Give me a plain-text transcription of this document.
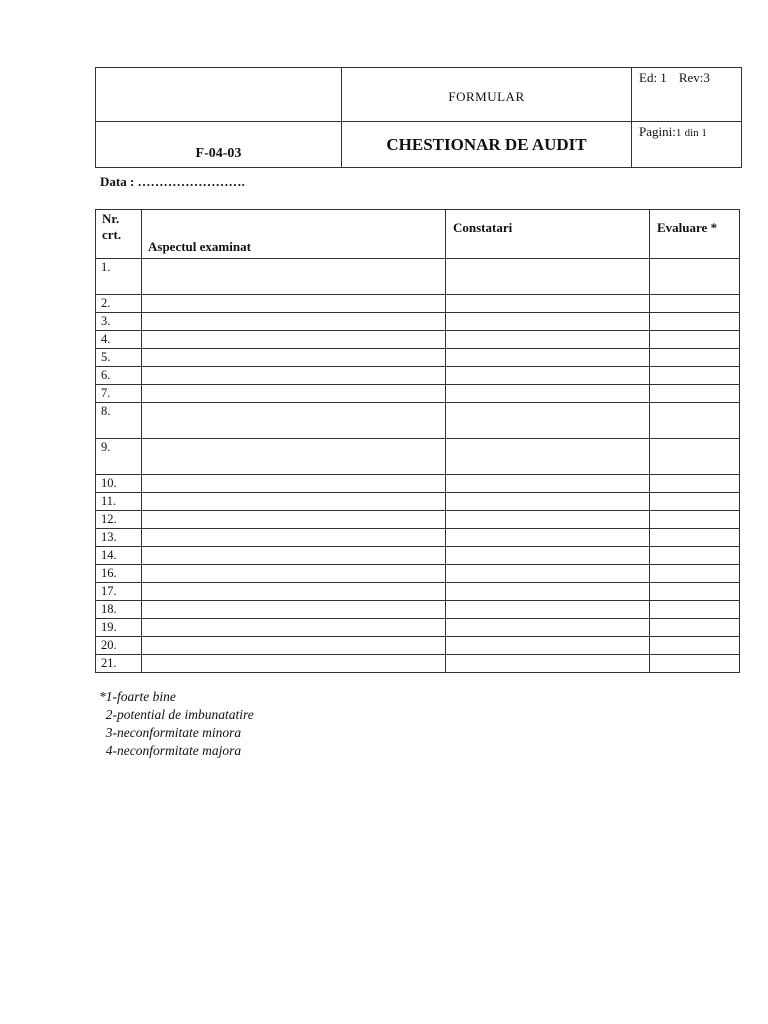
	FORMULAR	Ed: 1 Rev:3
F-04-03	CHESTIONAR DE AUDIT	Pagini:1 din 1
Data : …………………….
Nr.
crt.	Aspectul examinat	Constatari	Evaluare *
1.			
2.			
3.			
4.			
5.			
6.			
7.			
8.			
9.			
10.			
11.			
12.			
13.			
14.			
16.			
17.			
18.			
19.			
20.			
21.			
*1-foarte bine
2-potential de imbunatatire
3-neconformitate minora
4-neconformitate majora
